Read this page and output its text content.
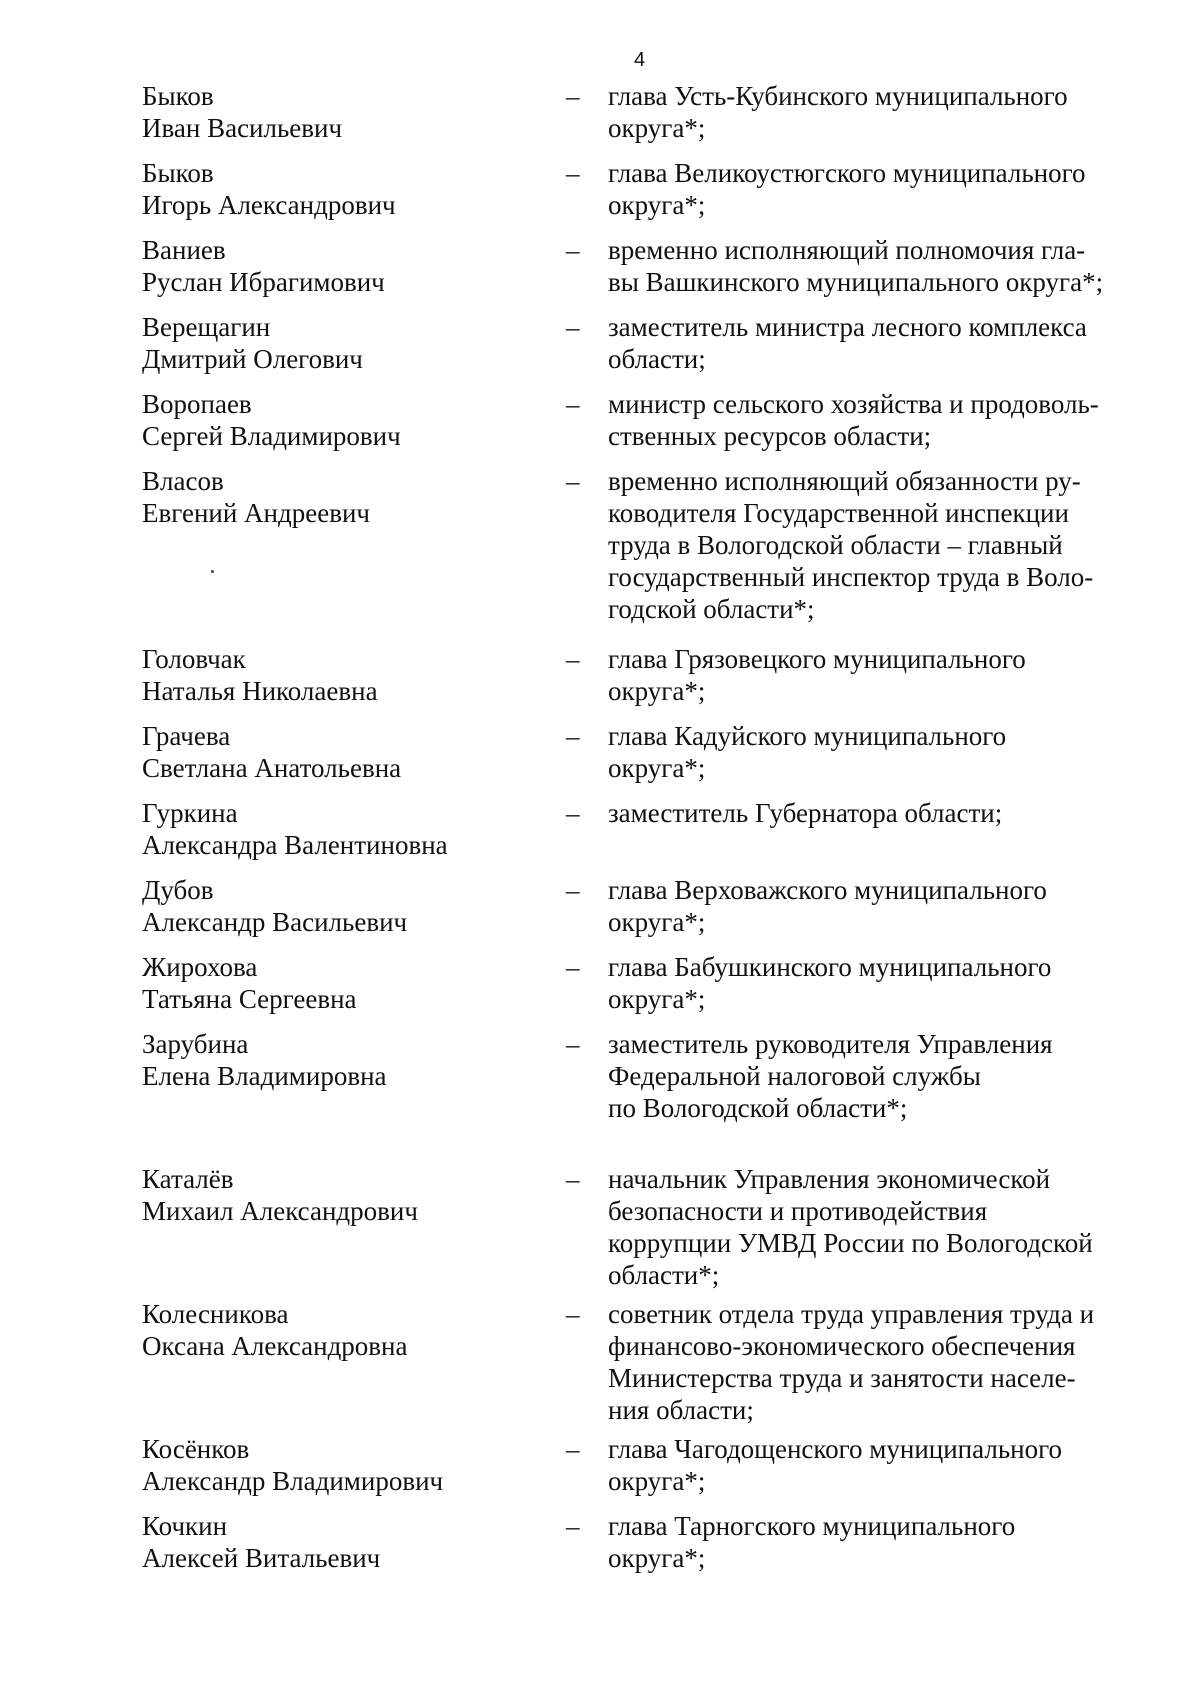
4
Быков
Иван Васильевич
–	глава Усть-Кубинского муниципального
округа*;
Быков
Игорь Александрович
–	глава Великоустюгского муниципального
округа*;
Ваниев
Руслан Ибрагимович
–	временно исполняющий полномочия гла-
вы Вашкинского муниципального округа*;
Верещагин
Дмитрий Олегович
–	заместитель министра лесного комплекса
области;
Воропаев
Сергей Владимирович
–	министр сельского хозяйства и продоволь-
ственных ресурсов области;
Власов
Евгений Андреевич
–	временно исполняющий обязанности ру-
ководителя Государственной инспекции
труда в Вологодской области – главный
государственный инспектор труда в Воло-
годской области*;
Головчак
Наталья Николаевна
–	глава Грязовецкого муниципального
округа*;
Грачева
Светлана Анатольевна
–	глава Кадуйского муниципального
округа*;
Гуркина
Александра Валентиновна
–	заместитель Губернатора области;
Дубов
Александр Васильевич
–	глава Верховажского муниципального
округа*;
Жирохова
Татьяна Сергеевна
–	глава Бабушкинского муниципального
округа*;
Зарубина
Елена Владимировна
–	заместитель руководителя Управления
Федеральной налоговой службы
по Вологодской области*;
Каталёв
Михаил Александрович
–	начальник Управления экономической
безопасности и противодействия
коррупции УМВД России по Вологодской
области*;
Колесникова
Оксана Александровна
–	советник отдела труда управления труда и
финансово-экономического обеспечения
Министерства труда и занятости населе-
ния области;
Косёнков
Александр Владимирович
–	глава Чагодощенского муниципального
округа*;
Кочкин
Алексей Витальевич
–	глава Тарногского муниципального
округа*;
